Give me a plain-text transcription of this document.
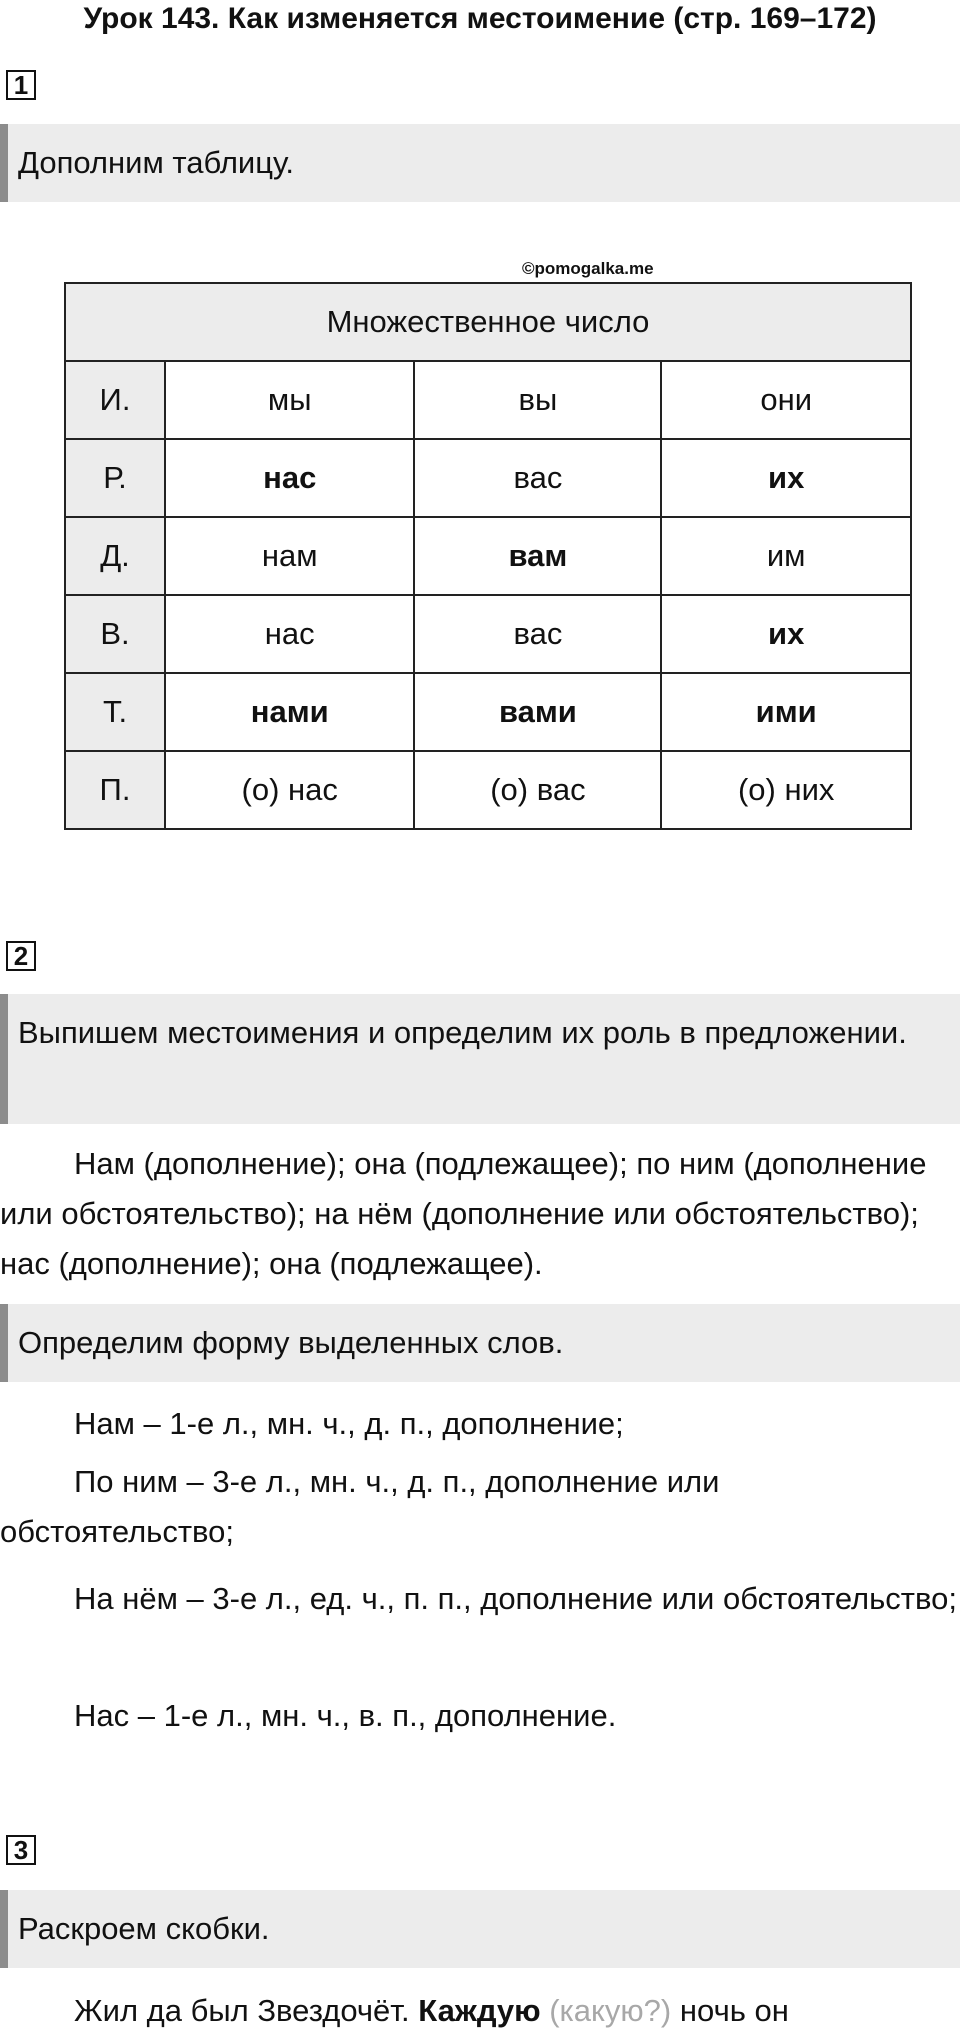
Урок 143. Как изменяется местоимение (стр. 169–172)
1
Дополним таблицу.
©pomogalka.me
Множественное число			
И.	мы	вы	они
Р.	нас	вас	их
Д.	нам	вам	им
В.	нас	вас	их
Т.	нами	вами	ими
П.	(о) нас	(о) вас	(о) них
2
Выпишем местоимения и определим их роль в предложении.
Нам (дополнение); она (подлежащее); по ним (дополнение или обстоятельство); на нём (дополнение или обстоятельство); нас (дополнение); она (подлежащее).
Определим форму выделенных слов.
Нам – 1-е л., мн. ч., д. п., дополнение;
По ним – 3-е л., мн. ч., д. п., дополнение или обстоятельство;
На нём – 3-е л., ед. ч., п. п., дополнение или обстоятельство;
Нас – 1-е л., мн. ч., в. п., дополнение.
3
Раскроем скобки.
Жил да был Звездочёт. Каждую (какую?) ночь он
